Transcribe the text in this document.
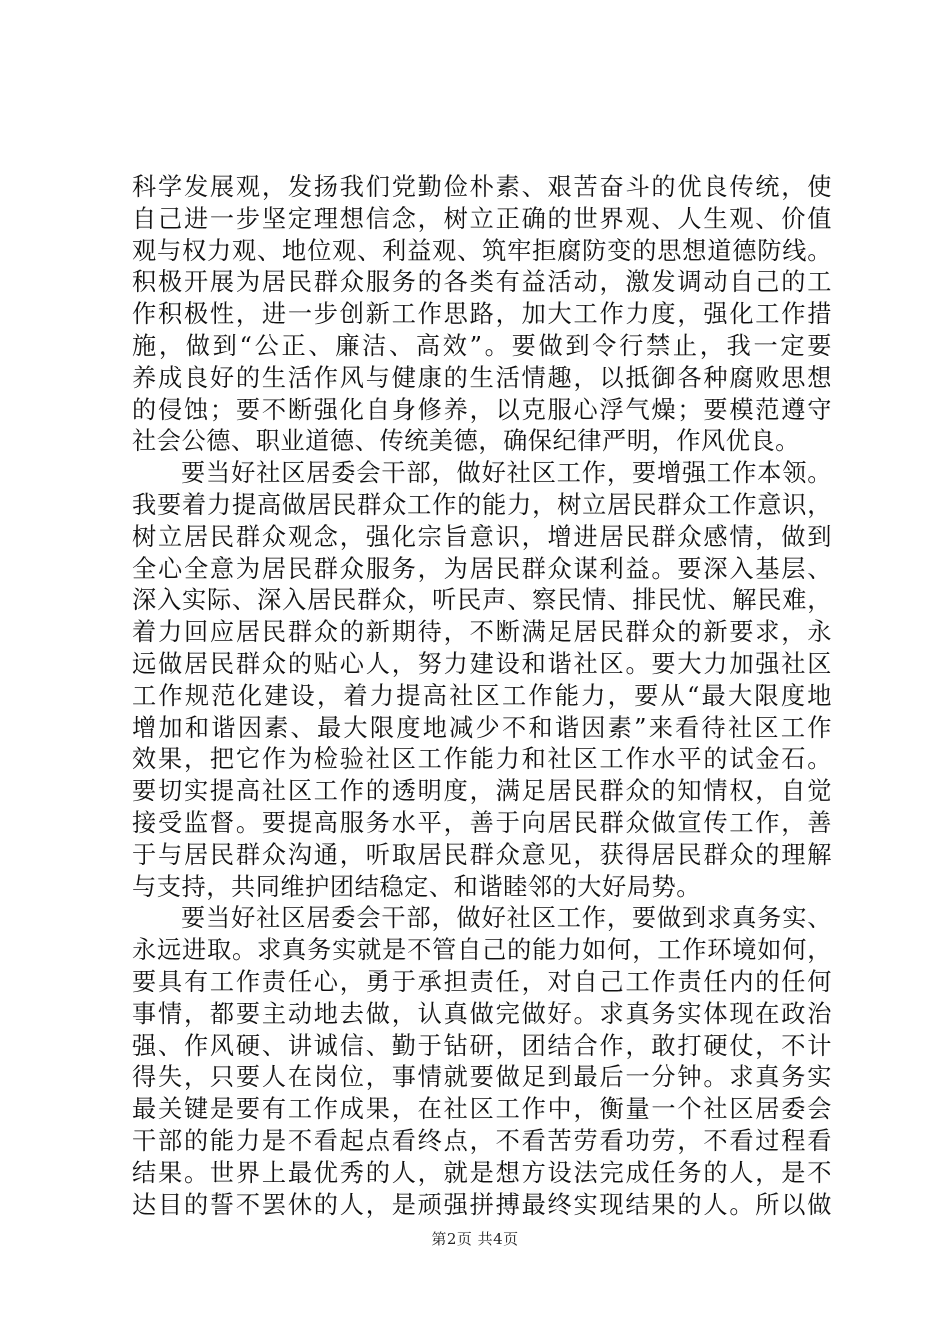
科学发展观，发扬我们党勤俭朴素、艰苦奋斗的优良传统，使
自己进一步坚定理想信念，树立正确的世界观、人生观、价值
观与权力观、地位观、利益观、筑牢拒腐防变的思想道德防线。
积极开展为居民群众服务的各类有益活动，激发调动自己的工
作积极性，进一步创新工作思路，加大工作力度，强化工作措
施，做到“公正、廉洁、高效”。要做到令行禁止，我一定要
养成良好的生活作风与健康的生活情趣，以抵御各种腐败思想
的侵蚀；要不断强化自身修养，以克服心浮气燥；要模范遵守
社会公德、职业道德、传统美德，确保纪律严明，作风优良。
要当好社区居委会干部，做好社区工作，要增强工作本领。
我要着力提高做居民群众工作的能力，树立居民群众工作意识，
树立居民群众观念，强化宗旨意识，增进居民群众感情，做到
全心全意为居民群众服务，为居民群众谋利益。要深入基层、
深入实际、深入居民群众，听民声、察民情、排民忧、解民难，
着力回应居民群众的新期待，不断满足居民群众的新要求，永
远做居民群众的贴心人，努力建设和谐社区。要大力加强社区
工作规范化建设，着力提高社区工作能力，要从“最大限度地
增加和谐因素、最大限度地减少不和谐因素”来看待社区工作
效果，把它作为检验社区工作能力和社区工作水平的试金石。
要切实提高社区工作的透明度，满足居民群众的知情权，自觉
接受监督。要提高服务水平，善于向居民群众做宣传工作，善
于与居民群众沟通，听取居民群众意见，获得居民群众的理解
与支持，共同维护团结稳定、和谐睦邻的大好局势。
要当好社区居委会干部，做好社区工作，要做到求真务实、
永远进取。求真务实就是不管自己的能力如何，工作环境如何，
要具有工作责任心，勇于承担责任，对自己工作责任内的任何
事情，都要主动地去做，认真做完做好。求真务实体现在政治
强、作风硬、讲诚信、勤于钻研，团结合作，敢打硬仗，不计
得失，只要人在岗位，事情就要做足到最后一分钟。求真务实
最关键是要有工作成果，在社区工作中，衡量一个社区居委会
干部的能力是不看起点看终点，不看苦劳看功劳，不看过程看
结果。世界上最优秀的人，就是想方设法完成任务的人，是不
达目的誓不罢休的人，是顽强拼搏最终实现结果的人。所以做
第2页 共4页
